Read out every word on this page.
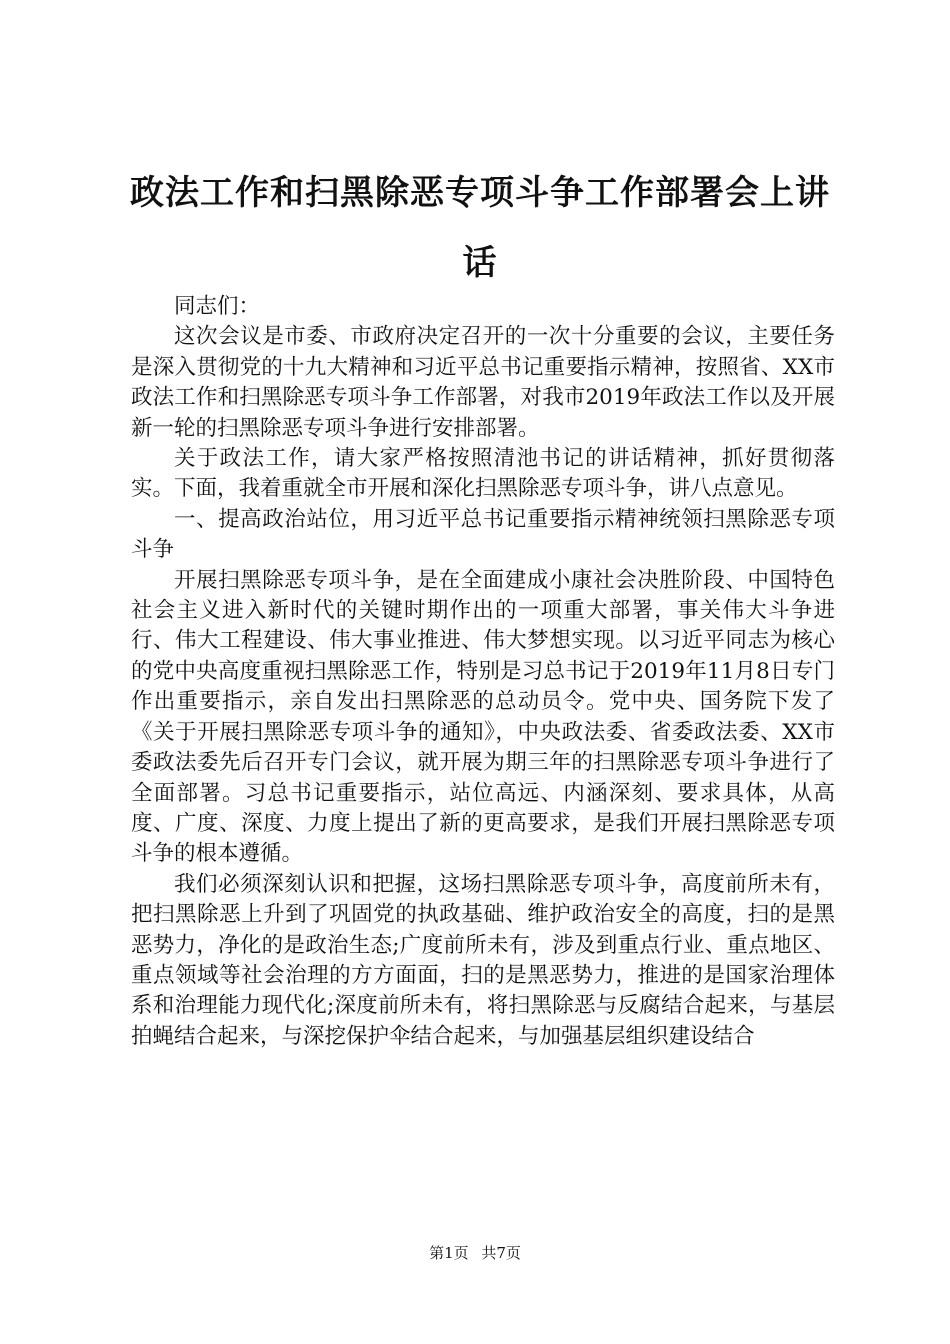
政法工作和扫黑除恶专项斗争工作部署会上讲话

同志们：

这次会议是市委、市政府决定召开的一次十分重要的会议，主要任务是深入贯彻党的十九大精神和习近平总书记重要指示精神，按照省、XX市政法工作和扫黑除恶专项斗争工作部署，对我市2019年政法工作以及开展新一轮的扫黑除恶专项斗争进行安排部署。

关于政法工作，请大家严格按照清池书记的讲话精神，抓好贯彻落实。下面，我着重就全市开展和深化扫黑除恶专项斗争，讲八点意见。

一、提高政治站位，用习近平总书记重要指示精神统领扫黑除恶专项斗争

开展扫黑除恶专项斗争，是在全面建成小康社会决胜阶段、中国特色社会主义进入新时代的关键时期作出的一项重大部署，事关伟大斗争进行、伟大工程建设、伟大事业推进、伟大梦想实现。以习近平同志为核心的党中央高度重视扫黑除恶工作，特别是习总书记于2019年11月8日专门作出重要指示，亲自发出扫黑除恶的总动员令。党中央、国务院下发了《关于开展扫黑除恶专项斗争的通知》，中央政法委、省委政法委、XX市委政法委先后召开专门会议，就开展为期三年的扫黑除恶专项斗争进行了全面部署。习总书记重要指示，站位高远、内涵深刻、要求具体，从高度、广度、深度、力度上提出了新的更高要求，是我们开展扫黑除恶专项斗争的根本遵循。

我们必须深刻认识和把握，这场扫黑除恶专项斗争，高度前所未有，把扫黑除恶上升到了巩固党的执政基础、维护政治安全的高度，扫的是黑恶势力，净化的是政治生态;广度前所未有，涉及到重点行业、重点地区、重点领域等社会治理的方方面面，扫的是黑恶势力，推进的是国家治理体系和治理能力现代化;深度前所未有，将扫黑除恶与反腐结合起来，与基层拍蝇结合起来，与深挖保护伞结合起来，与加强基层组织建设结合

第1页 共7页
